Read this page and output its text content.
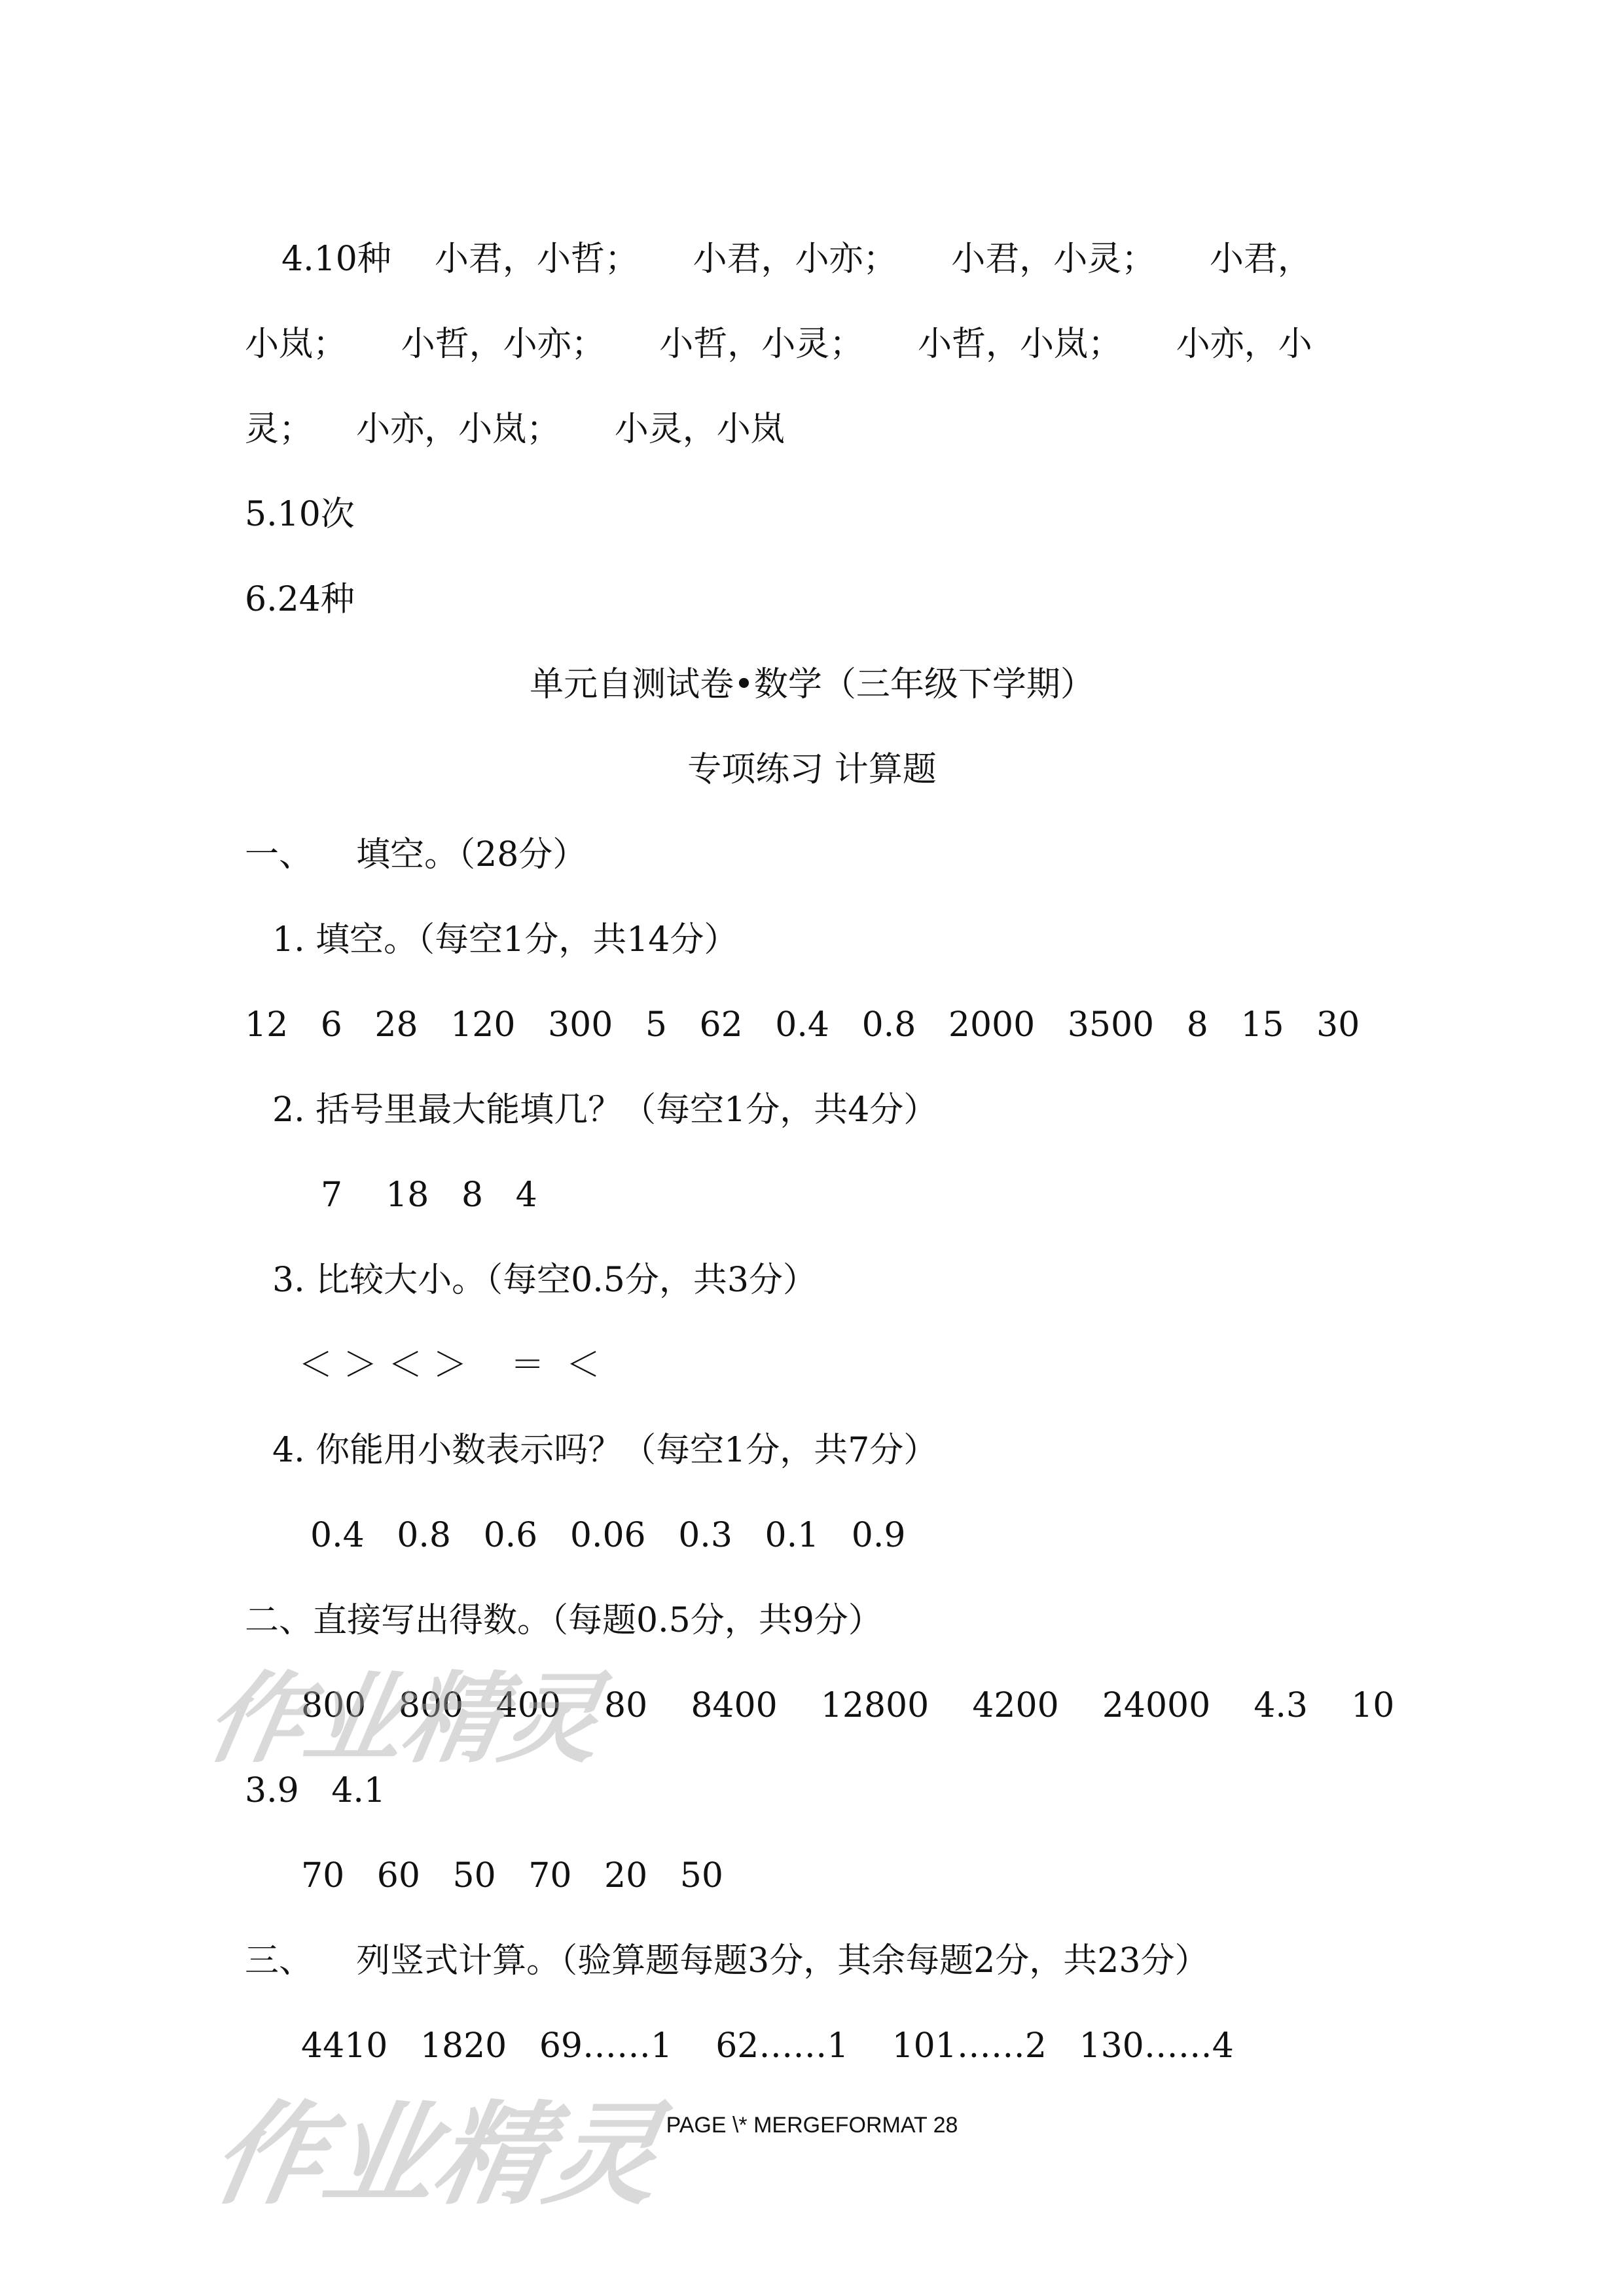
4.10种    小君，小哲；     小君，小亦；     小君，小灵；     小君，
小岚；     小哲，小亦；     小哲，小灵；     小哲，小岚；     小亦，小
灵；    小亦，小岚；     小灵，小岚
5.10次
6.24种
单元自测试卷•数学（三年级下学期）
专项练习 计算题
一、    填空。（28分）
1. 填空。（每空1分，共14分）
12   6   28   120   300   5   62   0.4   0.8   2000   3500   8   15   30
2. 括号里最大能填几？（每空1分，共4分）
7    18   8   4
3. 比较大小。（每空0.5分，共3分）
＜ ＞ ＜ ＞    ＝  ＜
4. 你能用小数表示吗？（每空1分，共7分）
0.4   0.8   0.6   0.06   0.3   0.1   0.9
二、直接写出得数。（每题0.5分，共9分）
800   800   400    80    8400    12800    4200    24000    4.3    10
3.9   4.1
70   60   50   70   20   50
三、    列竖式计算。（验算题每题3分，其余每题2分，共23分）
4410   1820   69……1    62……1    101……2   130……4
PAGE \* MERGEFORMAT 28
作业精灵
作业精灵
